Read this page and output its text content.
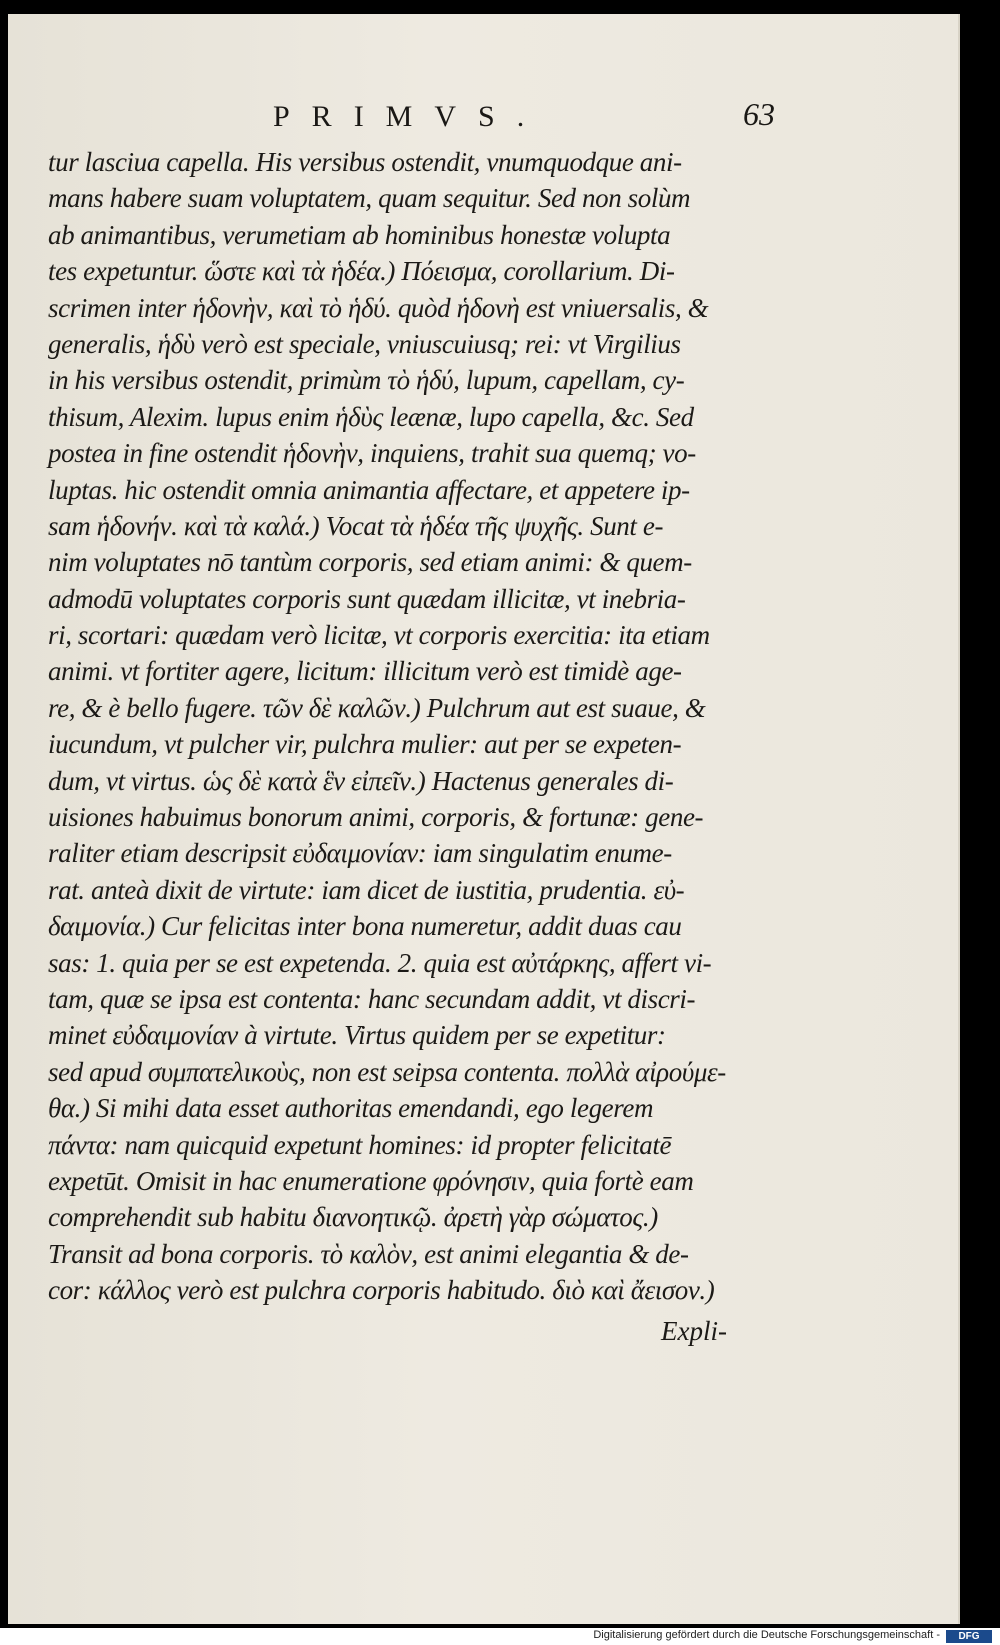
PRIMVS.	63
tur lasciua capella. His versibus ostendit, vnumquodque ani-
mans habere suam voluptatem, quam sequitur. Sed non solùm
ab animantibus, verumetiam ab hominibus honestæ volupta
tes expetuntur. ὥστε καὶ τὰ ἡδέα.) Πόεισμα, corollarium. Di-
scrimen inter ἡδονὴν, καὶ τὸ ἡδύ. quòd ἡδονὴ est vniuersalis, &
generalis, ἡδὺ verò est speciale, vniuscuiusq; rei: vt Virgilius
in his versibus ostendit, primùm τὸ ἡδύ, lupum, capellam, cy-
thisum, Alexim. lupus enim ἡδὺς leænæ, lupo capella, &c. Sed
postea in fine ostendit ἡδονὴν, inquiens, trahit sua quemq; vo-
luptas. hic ostendit omnia animantia affectare, et appetere ip-
sam ἡδονήν. καὶ τὰ καλά.) Vocat τὰ ἡδέα τῆς ψυχῆς. Sunt e-
nim voluptates nō tantùm corporis, sed etiam animi: & quem-
admodū voluptates corporis sunt quædam illicitæ, vt inebria-
ri, scortari: quædam verò licitæ, vt corporis exercitia: ita etiam
animi. vt fortiter agere, licitum: illicitum verò est timidè age-
re, & è bello fugere. τῶν δὲ καλῶν.) Pulchrum aut est suaue, &
iucundum, vt pulcher vir, pulchra mulier: aut per se expeten-
dum, vt virtus. ὡς δὲ κατὰ ἓν εἰπεῖν.) Hactenus generales di-
uisiones habuimus bonorum animi, corporis, & fortunæ: gene-
raliter etiam descripsit εὐδαιμονίαν: iam singulatim enume-
rat. anteà dixit de virtute: iam dicet de iustitia, prudentia. εὐ-
δαιμονία.) Cur felicitas inter bona numeretur, addit duas cau
sas: 1. quia per se est expetenda. 2. quia est αὐτάρκης, affert vi-
tam, quæ se ipsa est contenta: hanc secundam addit, vt discri-
minet εὐδαιμονίαν à virtute. Virtus quidem per se expetitur:
sed apud συμπατελικοὺς, non est seipsa contenta. πολλὰ αἰρούμε-
θα.) Si mihi data esset authoritas emendandi, ego legerem
πάντα: nam quicquid expetunt homines: id propter felicitatē
expetūt. Omisit in hac enumeratione φρόνησιν, quia fortè eam
comprehendit sub habitu διανοητικῷ. ἀρετὴ γὰρ σώματος.)
Transit ad bona corporis. τὸ καλὸν, est animi elegantia & de-
cor: κάλλος verò est pulchra corporis habitudo. διὸ καὶ ἄεισον.)
Expli-
Digitalisierung gefördert durch die Deutsche Forschungsgemeinschaft -	DFG
